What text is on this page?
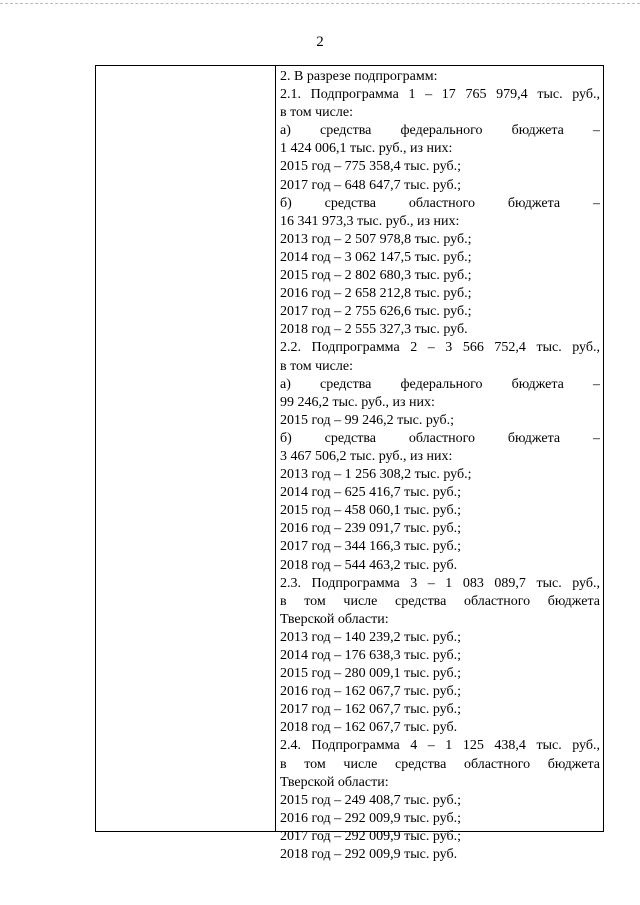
2
2. В разрезе подпрограмм:
2.1. Подпрограмма 1 – 17 765 979,4 тыс. руб.,
в том числе:
а) средства федерального бюджета –
1 424 006,1 тыс. руб., из них:
2015 год – 775 358,4 тыс. руб.;
2017 год – 648 647,7 тыс. руб.;
б) средства областного бюджета –
16 341 973,3 тыс. руб., из них:
2013 год – 2 507 978,8 тыс. руб.;
2014 год – 3 062 147,5 тыс. руб.;
2015 год – 2 802 680,3 тыс. руб.;
2016 год – 2 658 212,8 тыс. руб.;
2017 год – 2 755 626,6 тыс. руб.;
2018 год – 2 555 327,3 тыс. руб.
2.2. Подпрограмма 2 – 3 566 752,4 тыс. руб.,
в том числе:
а) средства федерального бюджета –
99 246,2 тыс. руб., из них:
2015 год – 99 246,2 тыс. руб.;
б) средства областного бюджета –
3 467 506,2 тыс. руб., из них:
2013 год – 1 256 308,2 тыс. руб.;
2014 год – 625 416,7 тыс. руб.;
2015 год – 458 060,1 тыс. руб.;
2016 год – 239 091,7 тыс. руб.;
2017 год – 344 166,3 тыс. руб.;
2018 год – 544 463,2 тыс. руб.
2.3. Подпрограмма 3 – 1 083 089,7 тыс. руб.,
в том числе средства областного бюджета
Тверской области:
2013 год – 140 239,2 тыс. руб.;
2014 год – 176 638,3 тыс. руб.;
2015 год – 280 009,1 тыс. руб.;
2016 год – 162 067,7 тыс. руб.;
2017 год – 162 067,7 тыс. руб.;
2018 год – 162 067,7 тыс. руб.
2.4. Подпрограмма 4 – 1 125 438,4 тыс. руб.,
в том числе средства областного бюджета
Тверской области:
2015 год – 249 408,7 тыс. руб.;
2016 год – 292 009,9 тыс. руб.;
2017 год – 292 009,9 тыс. руб.;
2018 год – 292 009,9 тыс. руб.
